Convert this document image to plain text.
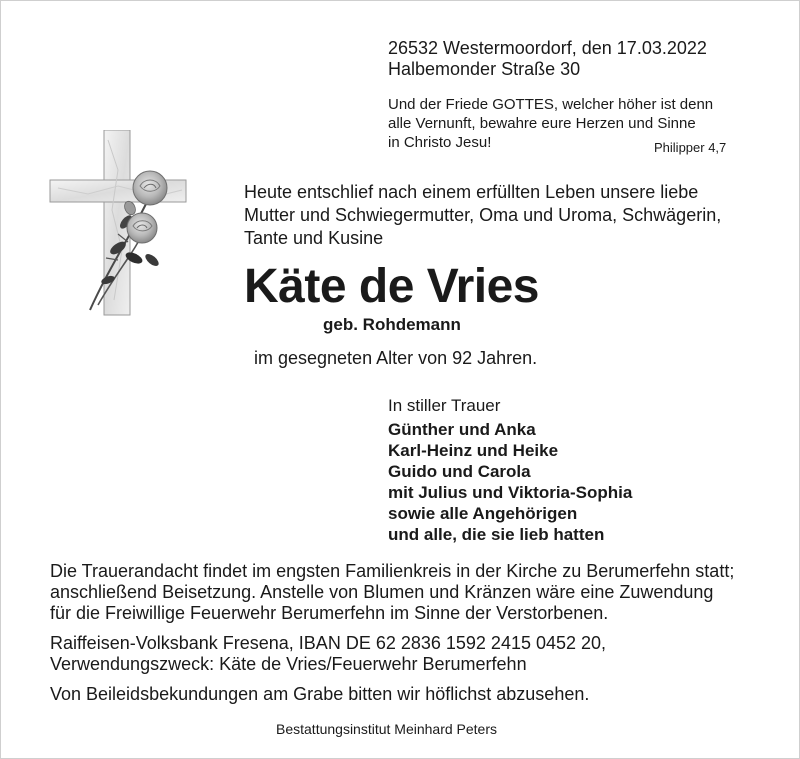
26532 Westermoordorf, den 17.03.2022
Halbemonder Straße 30
Und der Friede GOTTES, welcher höher ist denn
alle Vernunft, bewahre eure Herzen und Sinne
in Christo Jesu!	Philipper 4,7
Heute entschlief nach einem erfüllten Leben unsere liebe
Mutter und Schwiegermutter, Oma und Uroma, Schwägerin,
Tante und Kusine
Käte de Vries
geb. Rohdemann
im gesegneten Alter von 92 Jahren.
In stiller Trauer
Günther und Anka
Karl-Heinz und Heike
Guido und Carola
mit Julius und Viktoria-Sophia
sowie alle Angehörigen
und alle, die sie lieb hatten
Die Trauerandacht findet im engsten Familienkreis in der Kirche zu Berumerfehn statt;
anschließend Beisetzung. Anstelle von Blumen und Kränzen wäre eine Zuwendung
für die Freiwillige Feuerwehr Berumerfehn im Sinne der Verstorbenen.
Raiffeisen-Volksbank Fresena, IBAN DE 62 2836 1592 2415 0452 20,
Verwendungszweck: Käte de Vries/Feuerwehr Berumerfehn
Von Beileidsbekundungen am Grabe bitten wir höflichst abzusehen.
Bestattungsinstitut Meinhard Peters
